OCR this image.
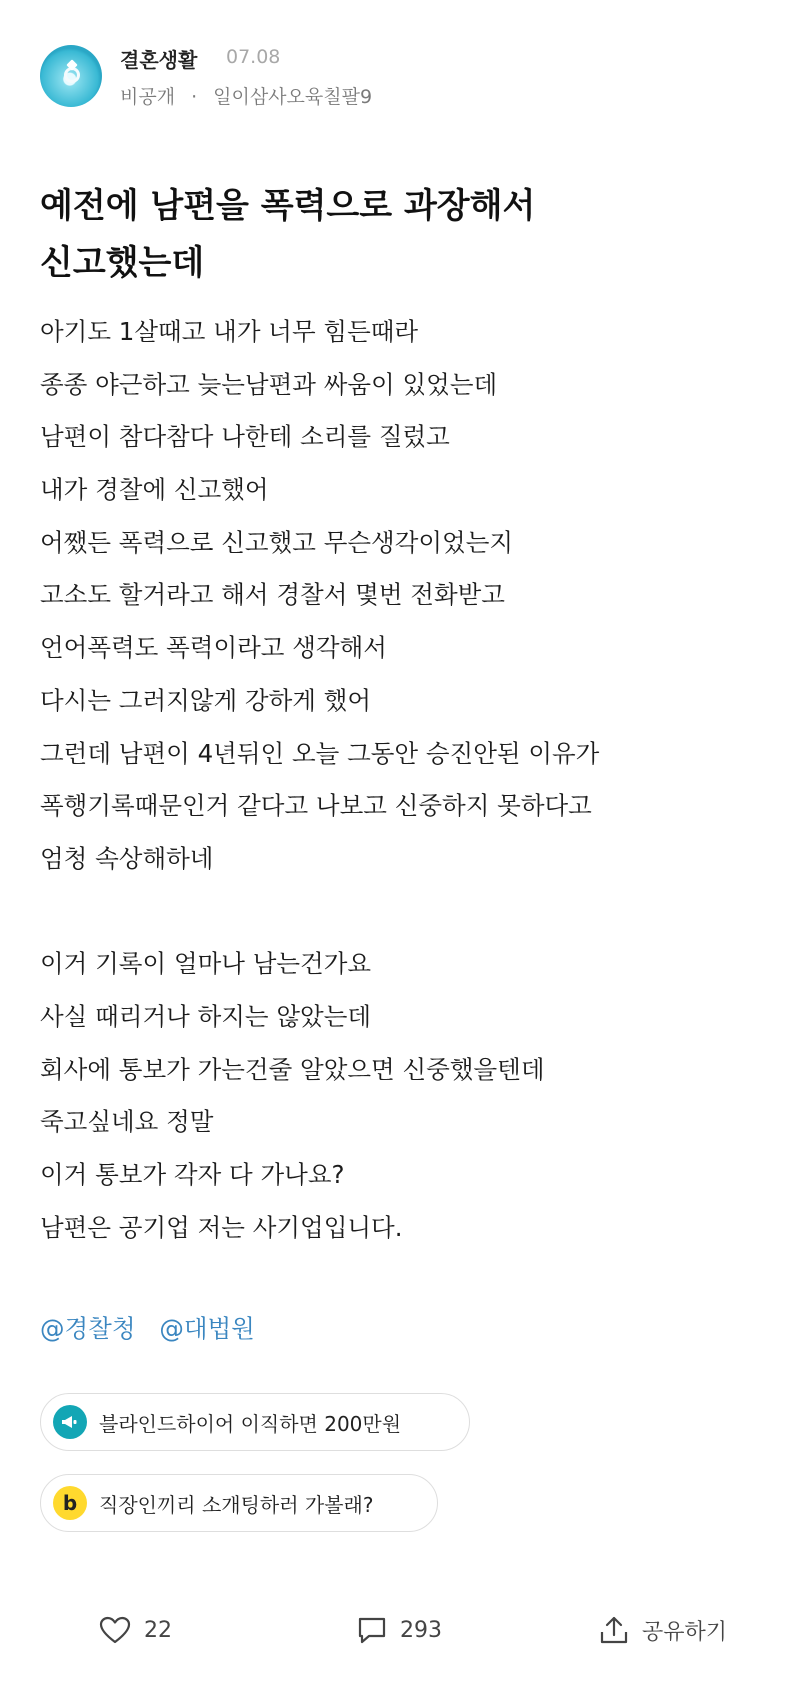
결혼생활 07.08
비공개 · 일이삼사오육칠팔9
예전에 남편을 폭력으로 과장해서
신고했는데
아기도 1살때고 내가 너무 힘든때라
종종 야근하고 늦는남편과 싸움이 있었는데
남편이 참다참다 나한테 소리를 질렀고
내가 경찰에 신고했어
어쨌든 폭력으로 신고했고 무슨생각이었는지
고소도 할거라고 해서 경찰서 몇번 전화받고
언어폭력도 폭력이라고 생각해서
다시는 그러지않게 강하게 했어
그런데 남편이 4년뒤인 오늘 그동안 승진안된 이유가
폭행기록때문인거 같다고 나보고 신중하지 못하다고
엄청 속상해하네
이거 기록이 얼마나 남는건가요
사실 때리거나 하지는 않았는데
회사에 통보가 가는건줄 알았으면 신중했을텐데
죽고싶네요 정말
이거 통보가 각자 다 가나요?
남편은 공기업 저는 사기업입니다.
@경찰청 @대법원
블라인드하이어 이직하면 200만원
b	직장인끼리 소개팅하러 가볼래?
22	293	공유하기
